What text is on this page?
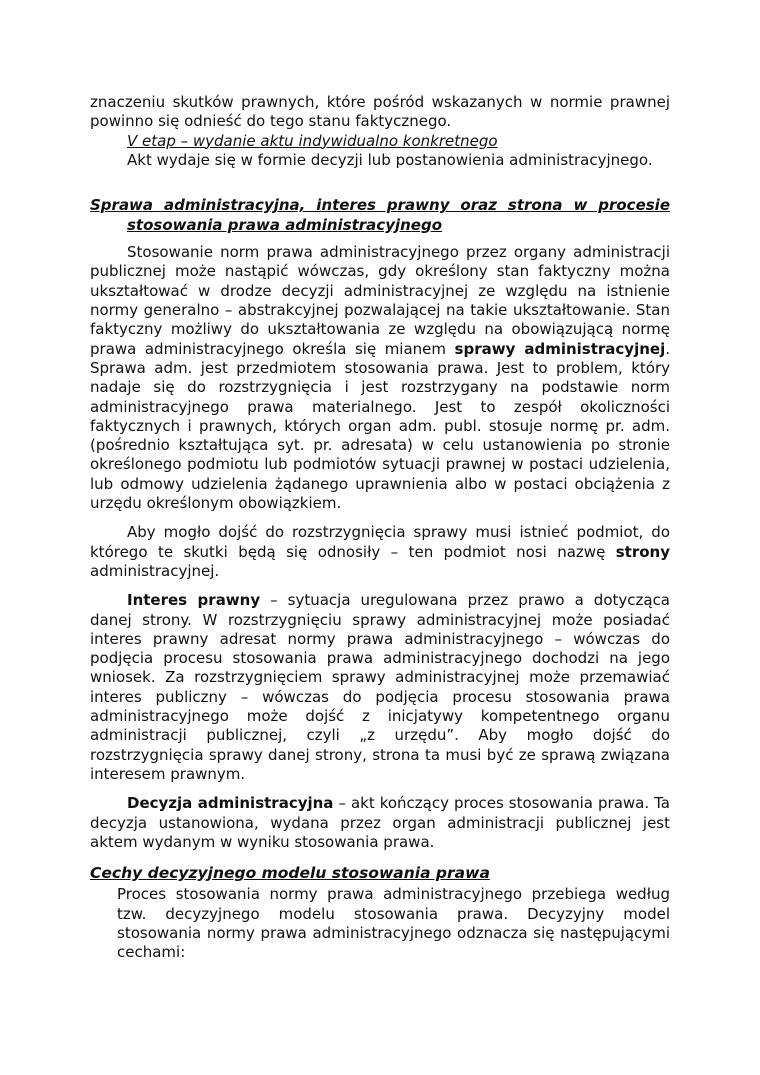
znaczeniu skutków prawnych, które pośród wskazanych w normie prawnej powinno się odnieść do tego stanu faktycznego.

V etap – wydanie aktu indywidualno konkretnego
Akt wydaje się w formie decyzji lub postanowienia administracyjnego.
Sprawa administracyjna, interes prawny oraz strona w procesie stosowania prawa administracyjnego

Stosowanie norm prawa administracyjnego przez organy administracji publicznej może nastąpić wówczas, gdy określony stan faktyczny można ukształtować w drodze decyzji administracyjnej ze względu na istnienie normy generalno – abstrakcyjnej pozwalającej na takie ukształtowanie. Stan faktyczny możliwy do ukształtowania ze względu na obowiązującą normę prawa administracyjnego określa się mianem sprawy administracyjnej. Sprawa adm. jest przedmiotem stosowania prawa. Jest to problem, który nadaje się do rozstrzygnięcia i jest rozstrzygany na podstawie norm administracyjnego prawa materialnego. Jest to zespół okoliczności faktycznych i prawnych, których organ adm. publ. stosuje normę pr. adm. (pośrednio kształtująca syt. pr. adresata) w celu ustanowienia po stronie określonego podmiotu lub podmiotów sytuacji prawnej w postaci udzielenia, lub odmowy udzielenia żądanego uprawnienia albo w postaci obciążenia z urzędu określonym obowiązkiem.

Aby mogło dojść do rozstrzygnięcia sprawy musi istnieć podmiot, do którego te skutki będą się odnosiły – ten podmiot nosi nazwę strony administracyjnej.

Interes prawny – sytuacja uregulowana przez prawo a dotycząca danej strony. W rozstrzygnięciu sprawy administracyjnej może posiadać interes prawny adresat normy prawa administracyjnego – wówczas do podjęcia procesu stosowania prawa administracyjnego dochodzi na jego wniosek. Za rozstrzygnięciem sprawy administracyjnej może przemawiać interes publiczny – wówczas do podjęcia procesu stosowania prawa administracyjnego może dojść z inicjatywy kompetentnego organu administracji publicznej, czyli „z urzędu”. Aby mogło dojść do rozstrzygnięcia sprawy danej strony, strona ta musi być ze sprawą związana interesem prawnym.

Decyzja administracyjna – akt kończący proces stosowania prawa. Ta decyzja ustanowiona, wydana przez organ administracji publicznej jest aktem wydanym w wyniku stosowania prawa.

Cechy decyzyjnego modelu stosowania prawa

Proces stosowania normy prawa administracyjnego przebiega według tzw. decyzyjnego modelu stosowania prawa. Decyzyjny model stosowania normy prawa administracyjnego odznacza się następującymi cechami:
